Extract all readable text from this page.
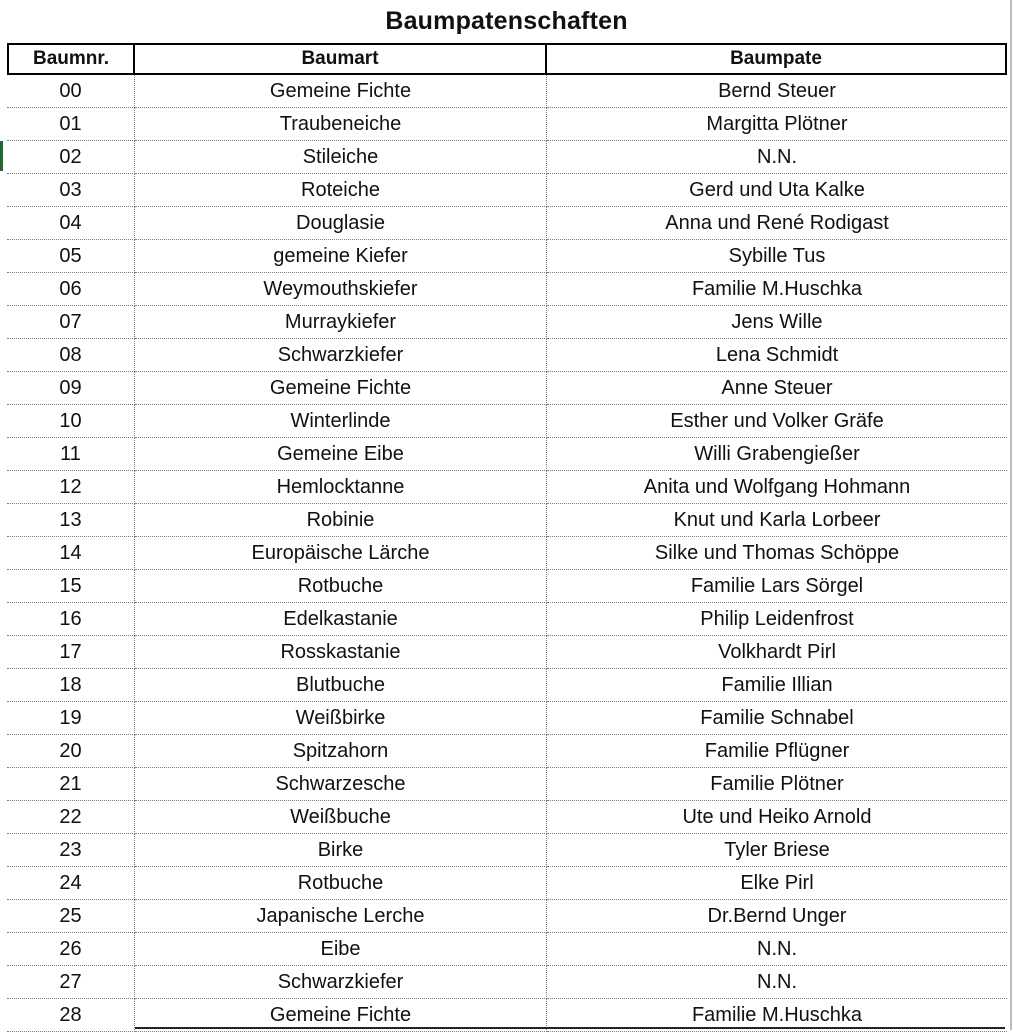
Baumpatenschaften
Baumnr.	Baumart	Baumpate
00	Gemeine Fichte	Bernd Steuer
01	Traubeneiche	Margitta Plötner
02	Stileiche	N.N.
03	Roteiche	Gerd und Uta Kalke
04	Douglasie	Anna und René Rodigast
05	gemeine Kiefer	Sybille Tus
06	Weymouthskiefer	Familie M.Huschka
07	Murraykiefer	Jens Wille
08	Schwarzkiefer	Lena Schmidt
09	Gemeine Fichte	Anne Steuer
10	Winterlinde	Esther und Volker Gräfe
11	Gemeine Eibe	Willi Grabengießer
12	Hemlocktanne	Anita und Wolfgang Hohmann
13	Robinie	Knut und Karla Lorbeer
14	Europäische Lärche	Silke und Thomas Schöppe
15	Rotbuche	Familie Lars Sörgel
16	Edelkastanie	Philip Leidenfrost
17	Rosskastanie	Volkhardt Pirl
18	Blutbuche	Familie Illian
19	Weißbirke	Familie Schnabel
20	Spitzahorn	Familie Pflügner
21	Schwarzesche	Familie Plötner
22	Weißbuche	Ute und Heiko Arnold
23	Birke	Tyler Briese
24	Rotbuche	Elke Pirl
25	Japanische Lerche	Dr.Bernd Unger
26	Eibe	N.N.
27	Schwarzkiefer	N.N.
28	Gemeine Fichte	Familie M.Huschka
